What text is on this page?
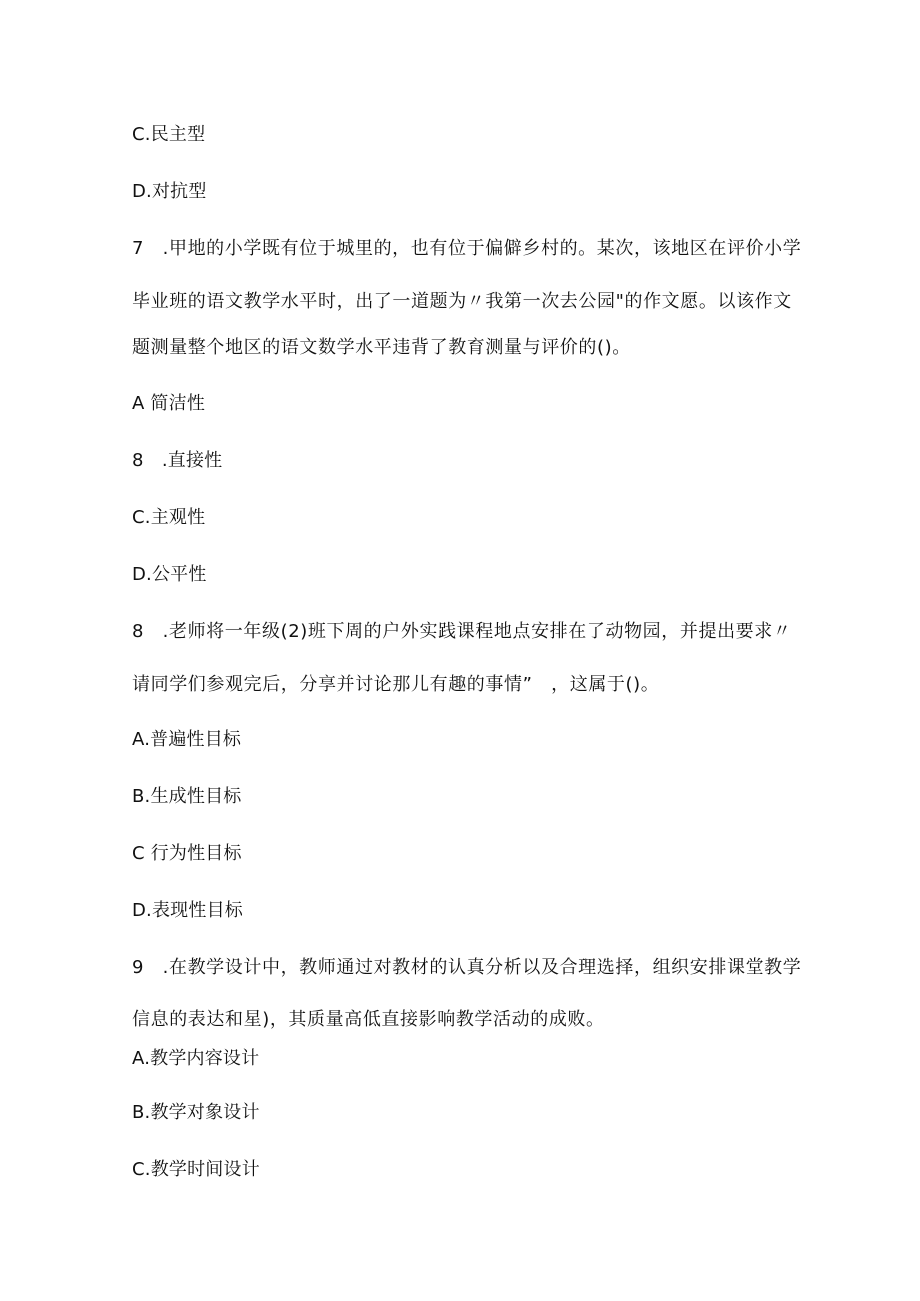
C.民主型
D.对抗型
7　.甲地的小学既有位于城里的，也有位于偏僻乡村的。某次，该地区在评价小学
毕业班的语文教学水平时，出了一道题为〃我第一次去公园"的作文愿。以该作文
题测量整个地区的语文数学水平违背了教育测量与评价的()。
A 简洁性
8　.直接性
C.主观性
D.公平性
8　.老师将一年级(2)班下周的户外实践课程地点安排在了动物园，并提出要求〃
请同学们参观完后，分享并讨论那儿有趣的事情”　，这属于()。
A.普遍性目标
B.生成性目标
C 行为性目标
D.表现性目标
9　.在教学设计中，教师通过对教材的认真分析以及合理选择，组织安排课堂教学
信息的表达和星)，其质量高低直接影响教学活动的成败。
A.教学内容设计
B.教学对象设计
C.教学时间设计
